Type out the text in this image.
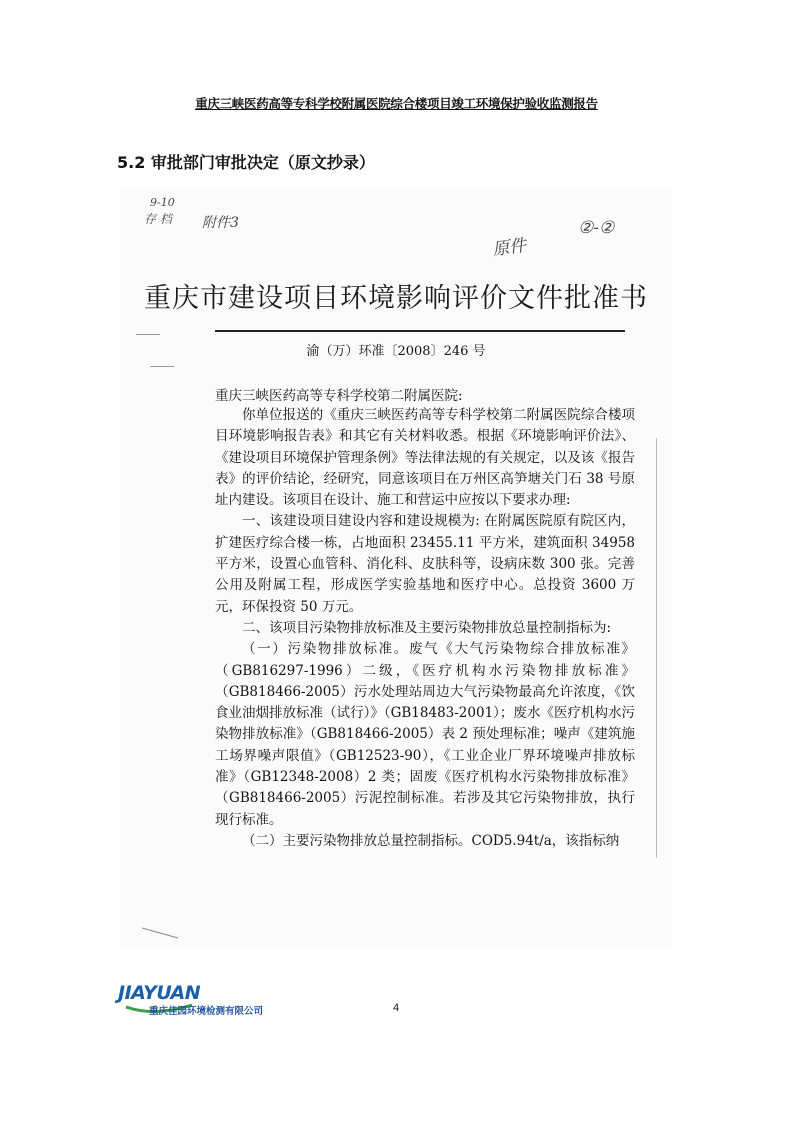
重庆三峡医药高等专科学校附属医院综合楼项目竣工环境保护验收监测报告
5.2 审批部门审批决定（原文抄录）
9-10
存 档 附件3
原件
②-②
重庆市建设项目环境影响评价文件批准书
渝（万）环准〔2008〕246 号
重庆三峡医药高等专科学校第二附属医院:

你单位报送的《重庆三峡医药高等专科学校第二附属医院综合楼项目环境影响报告表》和其它有关材料收悉。根据《环境影响评价法》、《建设项目环境保护管理条例》等法律法规的有关规定，以及该《报告表》的评价结论，经研究，同意该项目在万州区高笋塘关门石 38 号原址内建设。该项目在设计、施工和营运中应按以下要求办理:

一、该建设项目建设内容和建设规模为: 在附属医院原有院区内，扩建医疗综合楼一栋，占地面积 23455.11 平方米，建筑面积 34958 平方米，设置心血管科、消化科、皮肤科等，设病床数 300 张。完善公用及附属工程，形成医学实验基地和医疗中心。总投资 3600 万元，环保投资 50 万元。

二、该项目污染物排放标准及主要污染物排放总量控制指标为:

（一）污染物排放标准。废气《大气污染物综合排放标准》（GB816297-1996）二级，《医疗机构水污染物排放标准》（GB818466-2005）污水处理站周边大气污染物最高允许浓度，《饮食业油烟排放标准（试行）》（GB18483-2001）；废水《医疗机构水污染物排放标准》（GB818466-2005）表 2 预处理标准；噪声《建筑施工场界噪声限值》（GB12523-90），《工业企业厂界环境噪声排放标准》（GB12348-2008）2 类；固废《医疗机构水污染物排放标准》（GB818466-2005）污泥控制标准。若涉及其它污染物排放，执行现行标准。

（二）主要污染物排放总量控制指标。COD5.94t/a，该指标纳

JIAYUAN
重庆佳园环境检测有限公司	4
